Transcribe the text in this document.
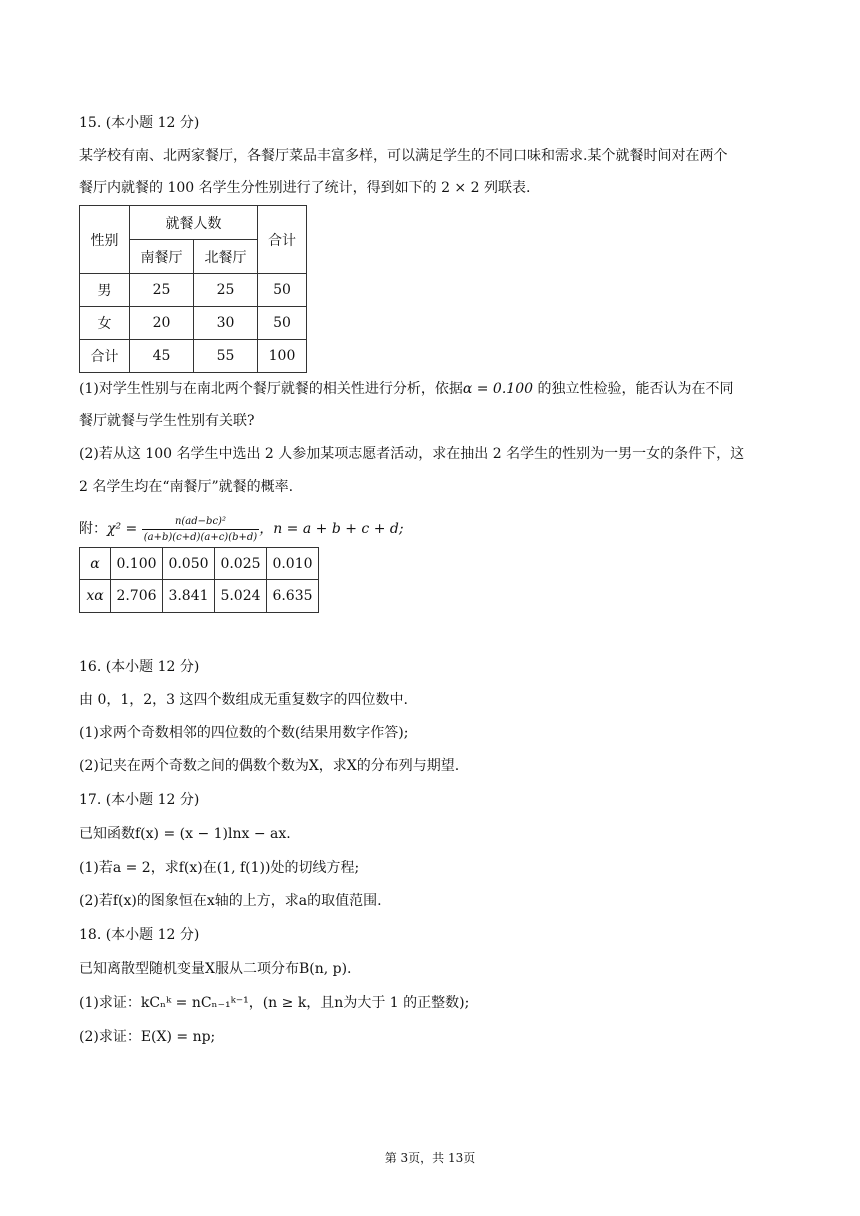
15. (本小题 12 分)
某学校有南、北两家餐厅，各餐厅菜品丰富多样，可以满足学生的不同口味和需求.某个就餐时间对在两个
餐厅内就餐的 100 名学生分性别进行了统计，得到如下的 2 × 2 列联表.
性别	就餐人数		合计
	南餐厅	北餐厅	
男	25	25	50
女	20	30	50
合计	45	55	100
(1)对学生性别与在南北两个餐厅就餐的相关性进行分析，依据α = 0.100 的独立性检验，能否认为在不同
餐厅就餐与学生性别有关联?
(2)若从这 100 名学生中选出 2 人参加某项志愿者活动，求在抽出 2 名学生的性别为一男一女的条件下，这
2 名学生均在“南餐厅”就餐的概率.
附：$\chi^2 = \frac{\text{n(ad−bc)²}}{(a+b)(c+d)(a+c)(b+d)}$ ，n = a + b + c + d;
α	0.100	0.050	0.025	0.010
xα	2.706	3.841	5.024	6.635
16. (本小题 12 分)
由 0，1，2，3 这四个数组成无重复数字的四位数中.
(1)求两个奇数相邻的四位数的个数(结果用数字作答);
(2)记夹在两个奇数之间的偶数个数为X，求X的分布列与期望.
17. (本小题 12 分)
已知函数f(x) = (x − 1)lnx − ax.
(1)若a = 2，求f(x)在(1, f(1))处的切线方程;
(2)若f(x)的图象恒在x轴的上方，求a的取值范围.
18. (本小题 12 分)
已知离散型随机变量X服从二项分布B(n, p).
(1)求证：kCₙᵏ = nCₙ₋₁ᵏ⁻¹，(n ≥ k，且n为大于 1 的正整数);
(2)求证：E(X) = np;
第 3页，共 13页
